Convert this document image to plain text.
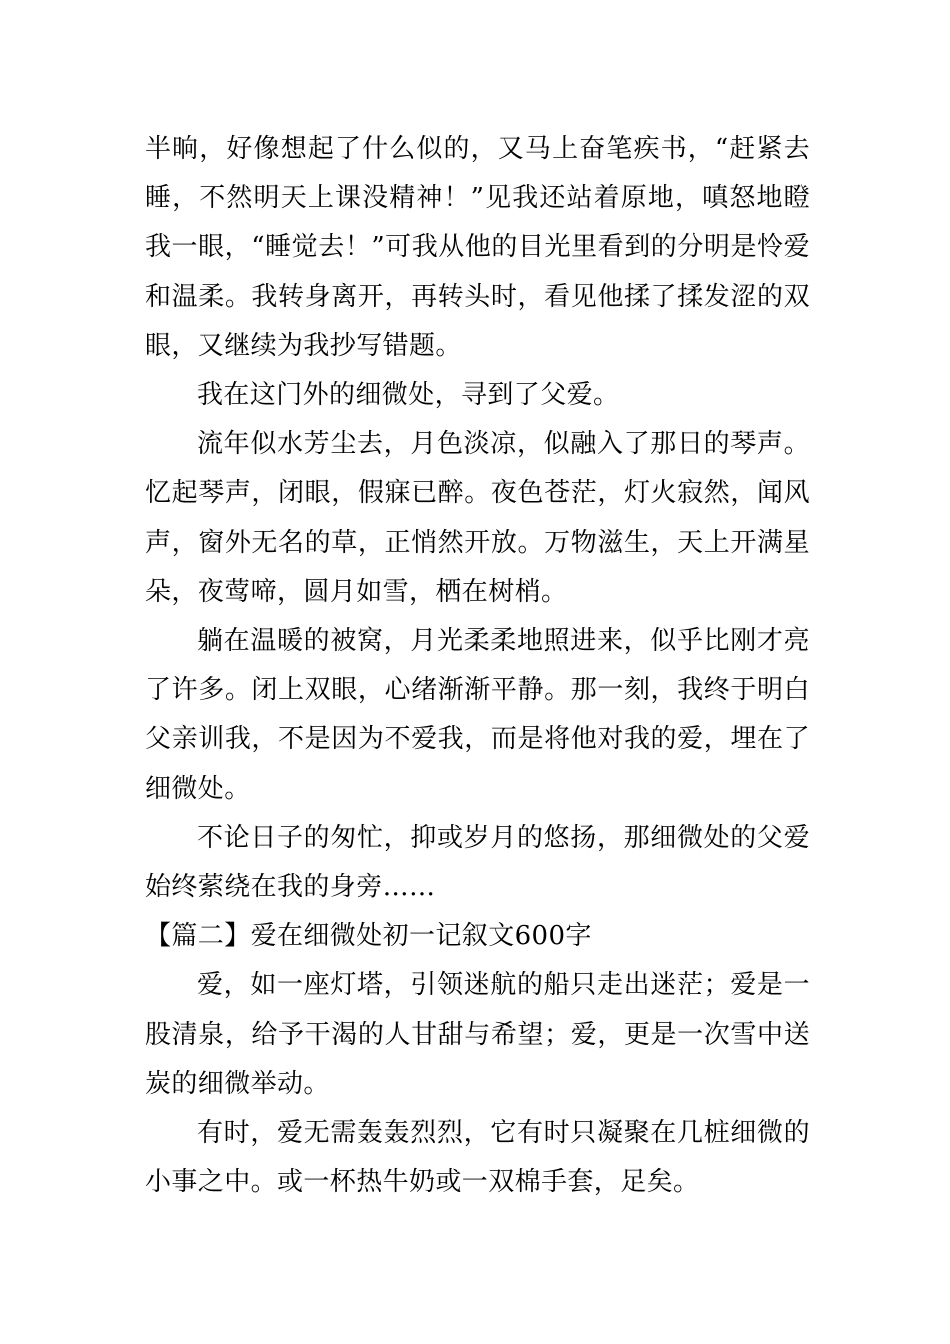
半晌，好像想起了什么似的，又马上奋笔疾书，“赶紧去睡，不然明天上课没精神！”见我还站着原地，嗔怒地瞪我一眼，“睡觉去！”可我从他的目光里看到的分明是怜爱和温柔。我转身离开，再转头时，看见他揉了揉发涩的双眼，又继续为我抄写错题。

我在这门外的细微处，寻到了父爱。

流年似水芳尘去，月色淡凉，似融入了那日的琴声。忆起琴声，闭眼，假寐已醉。夜色苍茫，灯火寂然，闻风声，窗外无名的草，正悄然开放。万物滋生，天上开满星朵，夜莺啼，圆月如雪，栖在树梢。

躺在温暖的被窝，月光柔柔地照进来，似乎比刚才亮了许多。闭上双眼，心绪渐渐平静。那一刻，我终于明白父亲训我，不是因为不爱我，而是将他对我的爱，埋在了细微处。

不论日子的匆忙，抑或岁月的悠扬，那细微处的父爱始终萦绕在我的身旁……

【篇二】爱在细微处初一记叙文600字

爱，如一座灯塔，引领迷航的船只走出迷茫；爱是一股清泉，给予干渴的人甘甜与希望；爱，更是一次雪中送炭的细微举动。

有时，爱无需轰轰烈烈，它有时只凝聚在几桩细微的小事之中。或一杯热牛奶或一双棉手套，足矣。
